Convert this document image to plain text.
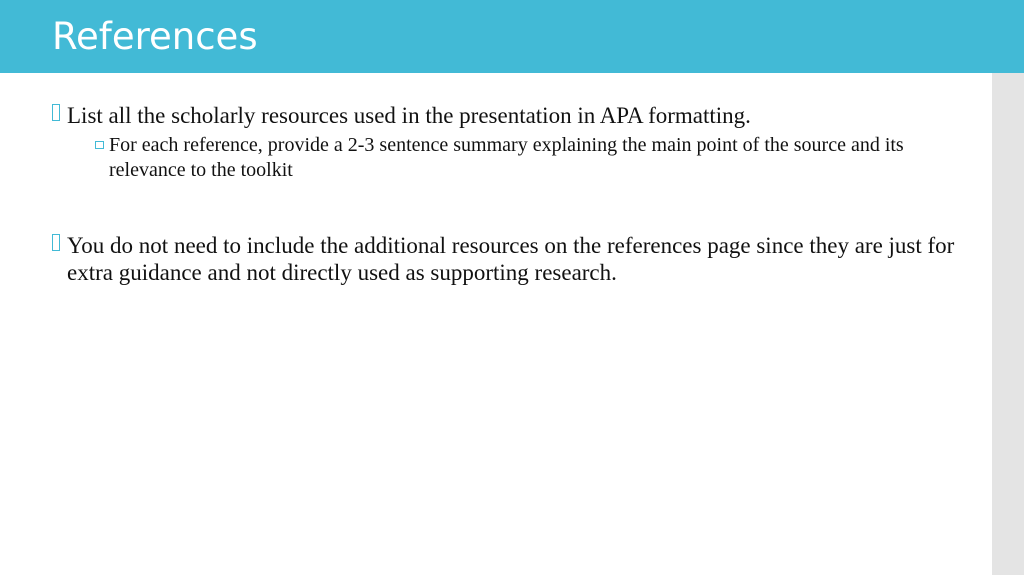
References

List all the scholarly resources used in the presentation in APA formatting.

For each reference, provide a 2-3 sentence summary explaining the main point of the source and its relevance to the toolkit

You do not need to include the additional resources on the references page since they are just for extra guidance and not directly used as supporting research.
